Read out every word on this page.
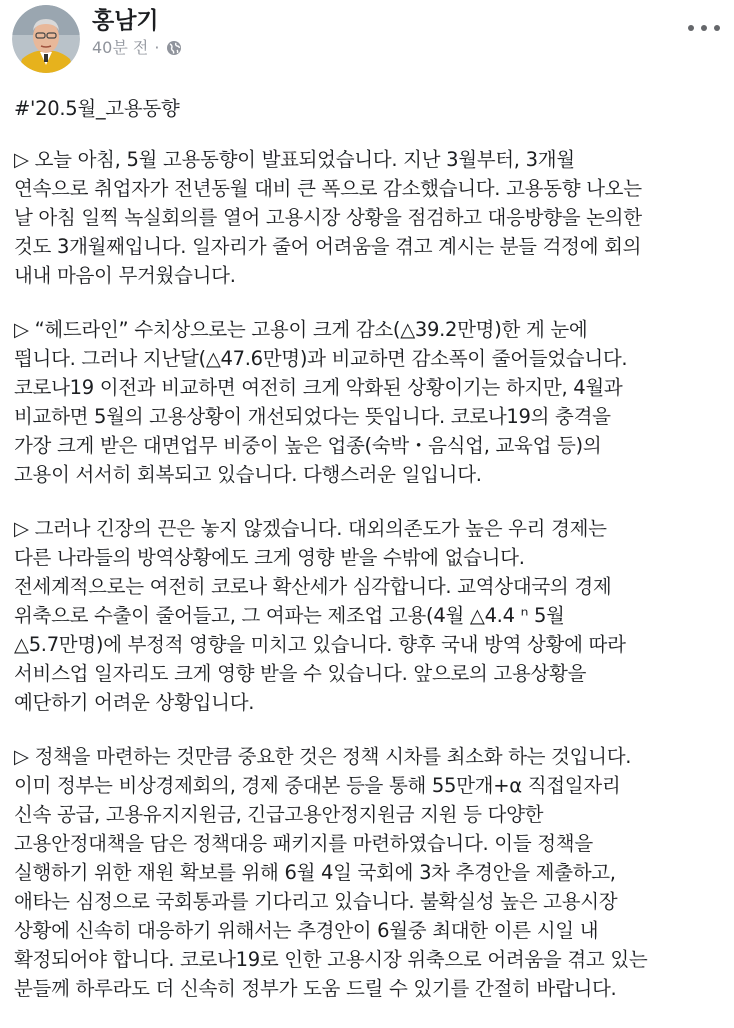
홍남기
40분 전 ·
#'20.5월_고용동향
▷ 오늘 아침, 5월 고용동향이 발표되었습니다. 지난 3월부터, 3개월
연속으로 취업자가 전년동월 대비 큰 폭으로 감소했습니다. 고용동향 나오는
날 아침 일찍 녹실회의를 열어 고용시장 상황을 점검하고 대응방향을 논의한
것도 3개월째입니다. 일자리가 줄어 어려움을 겪고 계시는 분들 걱정에 회의
내내 마음이 무거웠습니다.
▷ “헤드라인” 수치상으로는 고용이 크게 감소(△39.2만명)한 게 눈에
띕니다. 그러나 지난달(△47.6만명)과 비교하면 감소폭이 줄어들었습니다.
코로나19 이전과 비교하면 여전히 크게 악화된 상황이기는 하지만, 4월과
비교하면 5월의 고용상황이 개선되었다는 뜻입니다. 코로나19의 충격을
가장 크게 받은 대면업무 비중이 높은 업종(숙박・음식업, 교육업 등)의
고용이 서서히 회복되고 있습니다. 다행스러운 일입니다.
▷ 그러나 긴장의 끈은 놓지 않겠습니다. 대외의존도가 높은 우리 경제는
다른 나라들의 방역상황에도 크게 영향 받을 수밖에 없습니다.
전세계적으로는 여전히 코로나 확산세가 심각합니다. 교역상대국의 경제
위축으로 수출이 줄어들고, 그 여파는 제조업 고용(4월 △4.4 ⁿ 5월
△5.7만명)에 부정적 영향을 미치고 있습니다. 향후 국내 방역 상황에 따라
서비스업 일자리도 크게 영향 받을 수 있습니다. 앞으로의 고용상황을
예단하기 어려운 상황입니다.
▷ 정책을 마련하는 것만큼 중요한 것은 정책 시차를 최소화 하는 것입니다.
이미 정부는 비상경제회의, 경제 중대본 등을 통해 55만개+α 직접일자리
신속 공급, 고용유지지원금, 긴급고용안정지원금 지원 등 다양한
고용안정대책을 담은 정책대응 패키지를 마련하였습니다. 이들 정책을
실행하기 위한 재원 확보를 위해 6월 4일 국회에 3차 추경안을 제출하고,
애타는 심정으로 국회통과를 기다리고 있습니다. 불확실성 높은 고용시장
상황에 신속히 대응하기 위해서는 추경안이 6월중 최대한 이른 시일 내
확정되어야 합니다. 코로나19로 인한 고용시장 위축으로 어려움을 겪고 있는
분들께 하루라도 더 신속히 정부가 도움 드릴 수 있기를 간절히 바랍니다.
